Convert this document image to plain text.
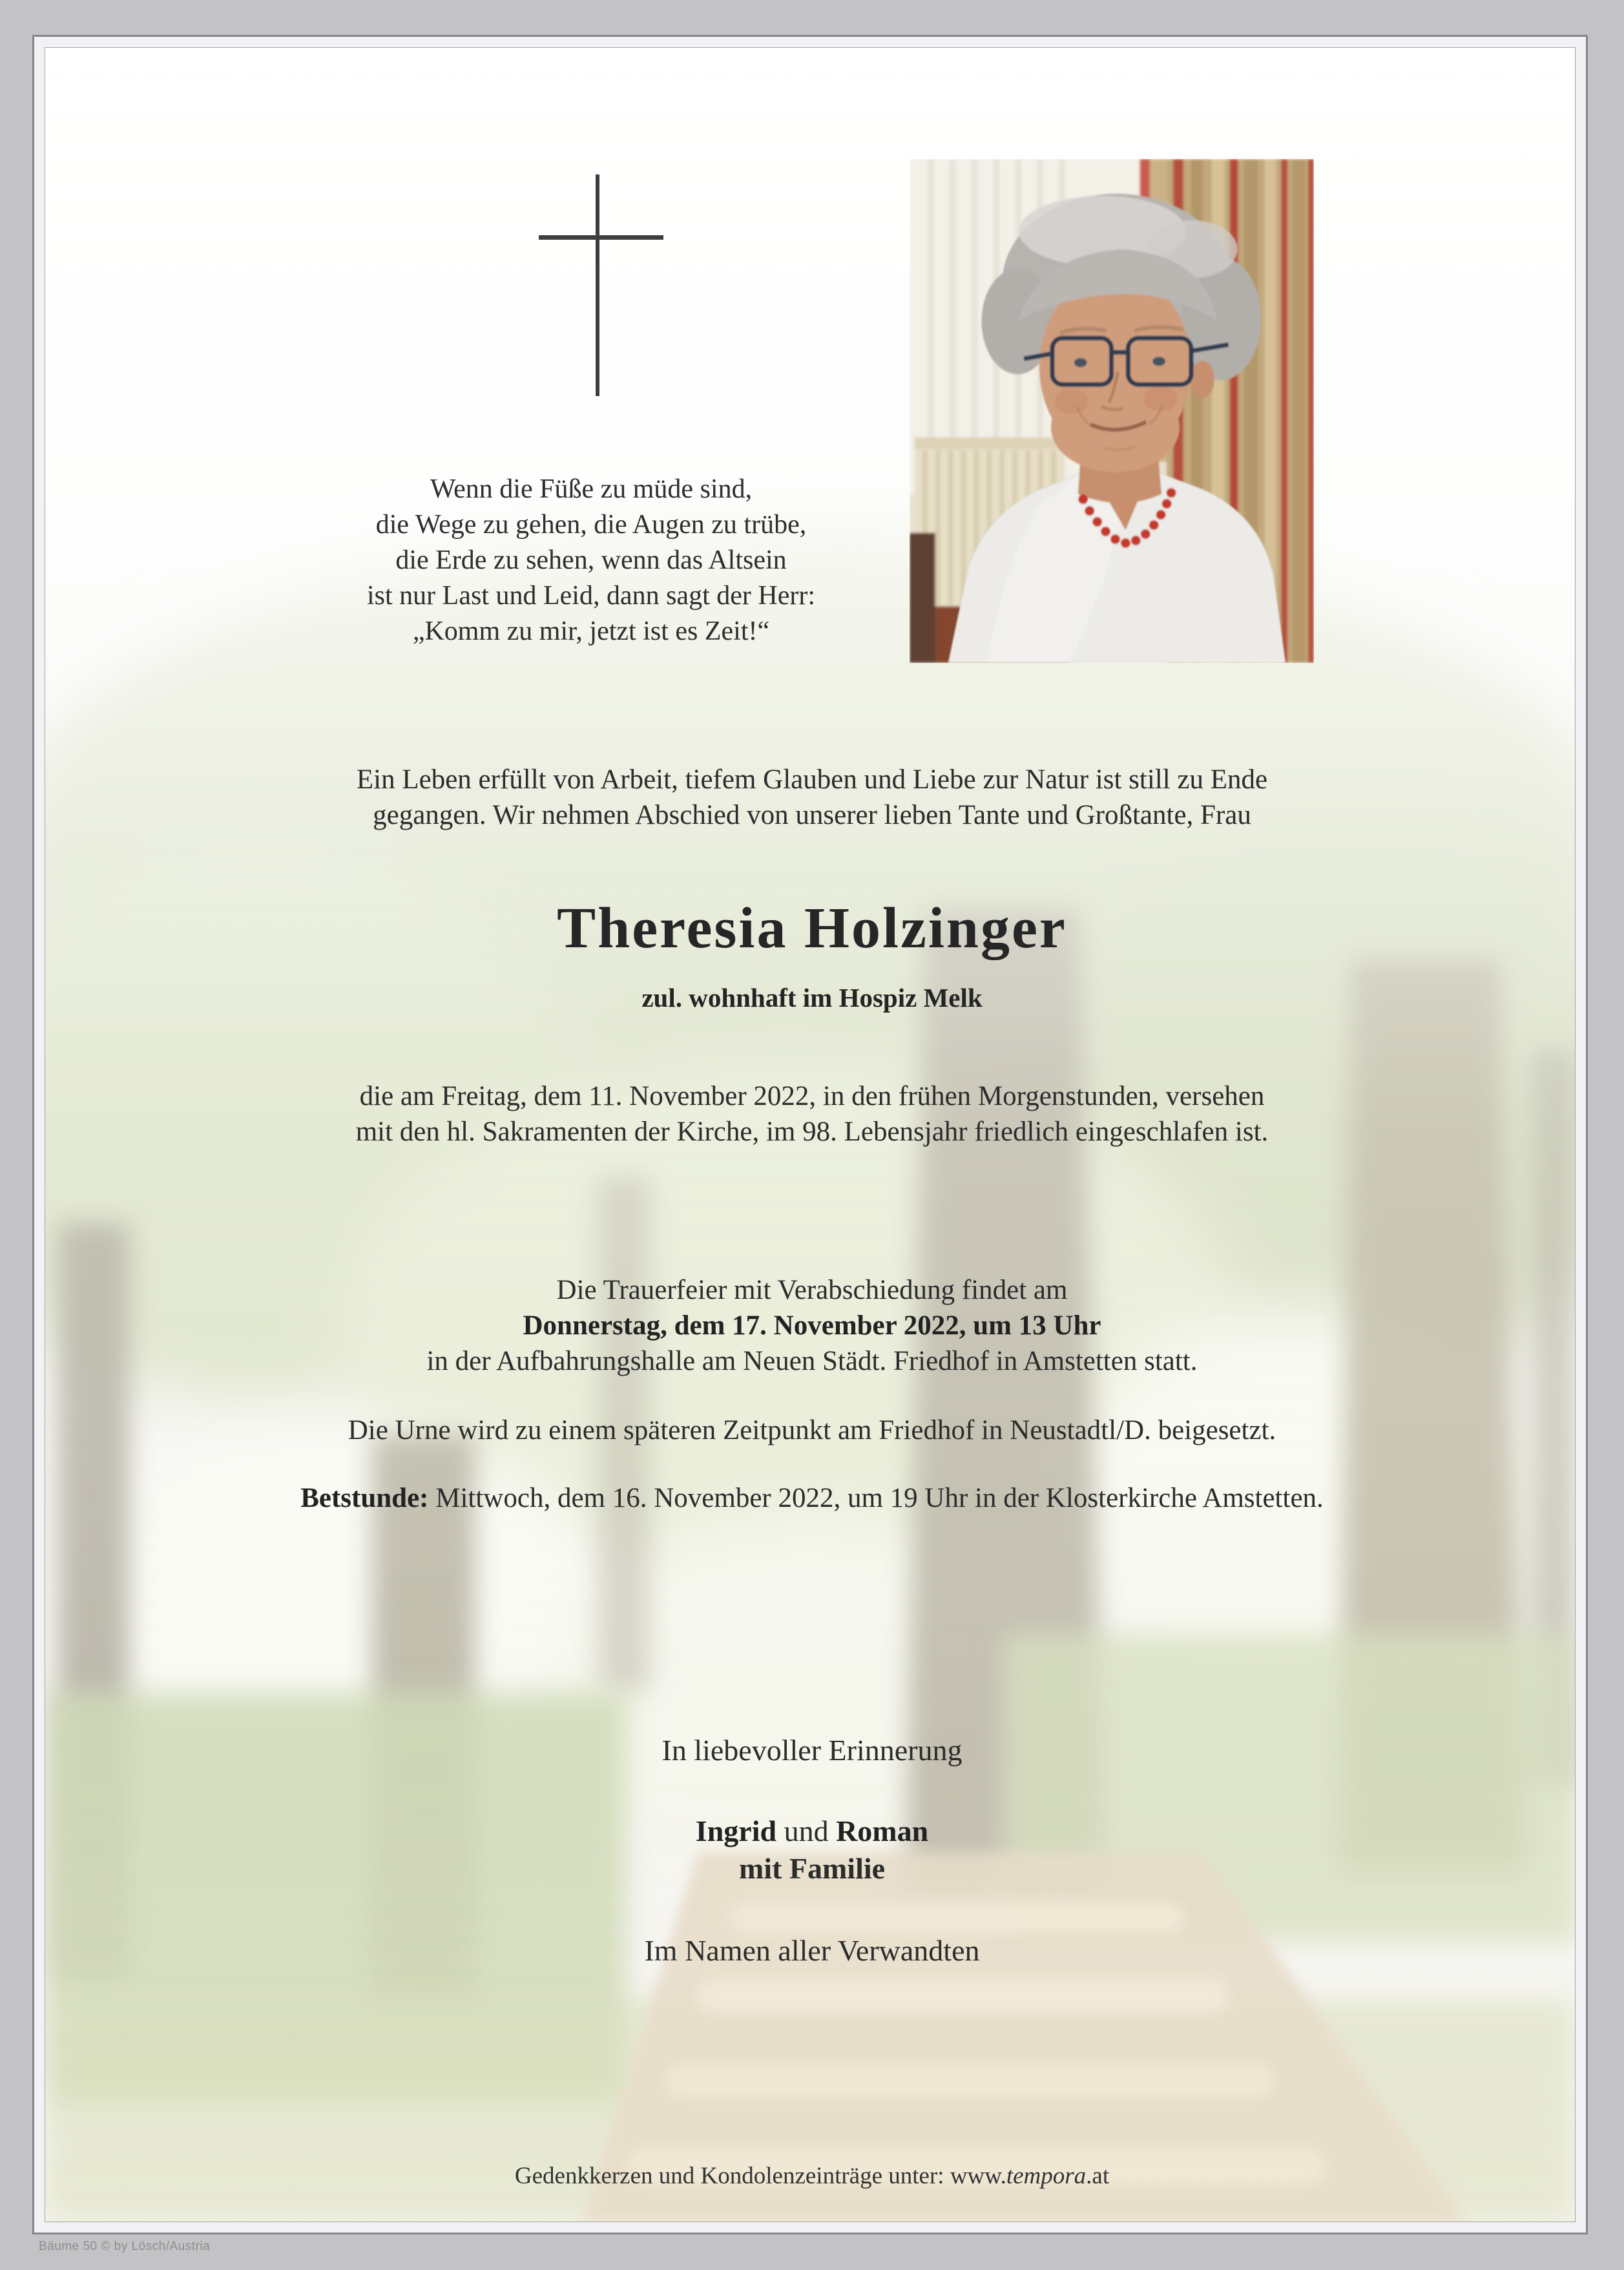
Wenn die Füße zu müde sind,
die Wege zu gehen, die Augen zu trübe,
die Erde zu sehen, wenn das Altsein
ist nur Last und Leid, dann sagt der Herr:
„Komm zu mir, jetzt ist es Zeit!“
Ein Leben erfüllt von Arbeit, tiefem Glauben und Liebe zur Natur ist still zu Ende
gegangen. Wir nehmen Abschied von unserer lieben Tante und Großtante, Frau
Theresia Holzinger
zul. wohnhaft im Hospiz Melk
die am Freitag, dem 11. November 2022, in den frühen Morgenstunden, versehen
mit den hl. Sakramenten der Kirche, im 98. Lebensjahr friedlich eingeschlafen ist.
Die Trauerfeier mit Verabschiedung findet am
Donnerstag, dem 17. November 2022, um 13 Uhr
in der Aufbahrungshalle am Neuen Städt. Friedhof in Amstetten statt.
Die Urne wird zu einem späteren Zeitpunkt am Friedhof in Neustadtl/D. beigesetzt.
Betstunde: Mittwoch, dem 16. November 2022, um 19 Uhr in der Klosterkirche Amstetten.
In liebevoller Erinnerung
Ingrid und Roman
mit Familie
Im Namen aller Verwandten
Gedenkkerzen und Kondolenzeinträge unter: www.tempora.at
Bäume 50 © by Lösch/Austria
